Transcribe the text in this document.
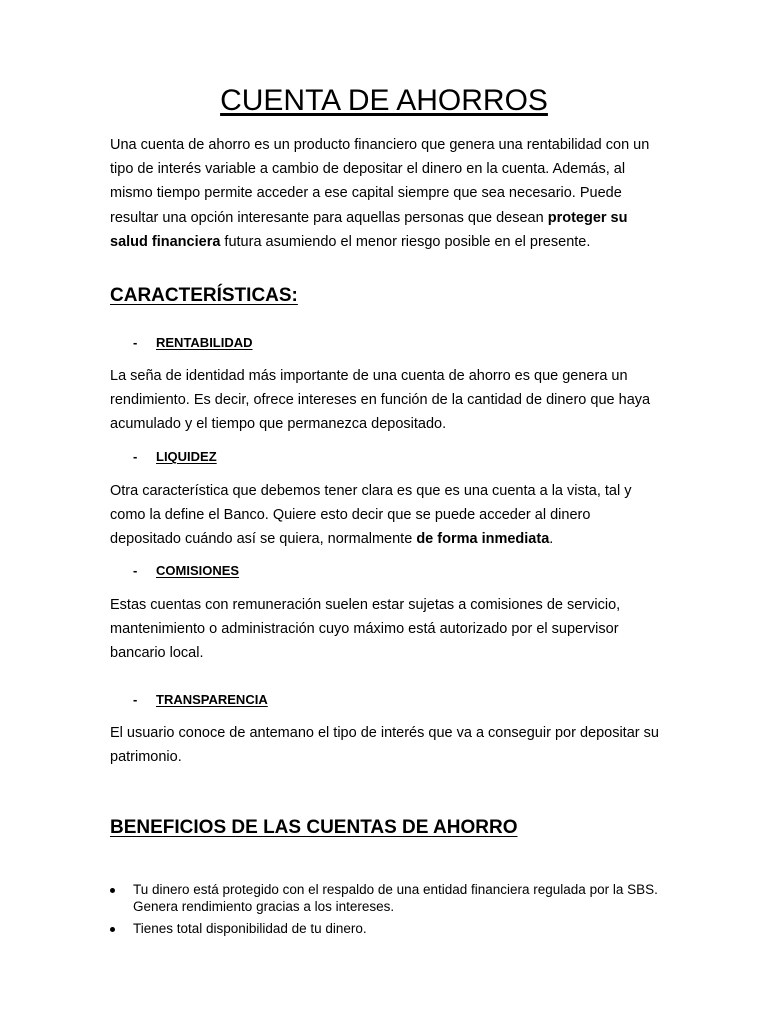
CUENTA DE AHORROS

Una cuenta de ahorro es un producto financiero que genera una rentabilidad con un tipo de interés variable a cambio de depositar el dinero en la cuenta. Además, al mismo tiempo permite acceder a ese capital siempre que sea necesario. Puede resultar una opción interesante para aquellas personas que desean proteger su salud financiera futura asumiendo el menor riesgo posible en el presente.

CARACTERÍSTICAS:

- RENTABILIDAD

La seña de identidad más importante de una cuenta de ahorro es que genera un rendimiento. Es decir, ofrece intereses en función de la cantidad de dinero que haya acumulado y el tiempo que permanezca depositado.

- LIQUIDEZ

Otra característica que debemos tener clara es que es una cuenta a la vista, tal y como la define el Banco. Quiere esto decir que se puede acceder al dinero depositado cuándo así se quiera, normalmente de forma inmediata.

- COMISIONES

Estas cuentas con remuneración suelen estar sujetas a comisiones de servicio, mantenimiento o administración cuyo máximo está autorizado por el supervisor bancario local.

- TRANSPARENCIA

El usuario conoce de antemano el tipo de interés que va a conseguir por depositar su patrimonio.

BENEFICIOS DE LAS CUENTAS DE AHORRO
Tu dinero está protegido con el respaldo de una entidad financiera regulada por la SBS. Genera rendimiento gracias a los intereses.
Tienes total disponibilidad de tu dinero.
